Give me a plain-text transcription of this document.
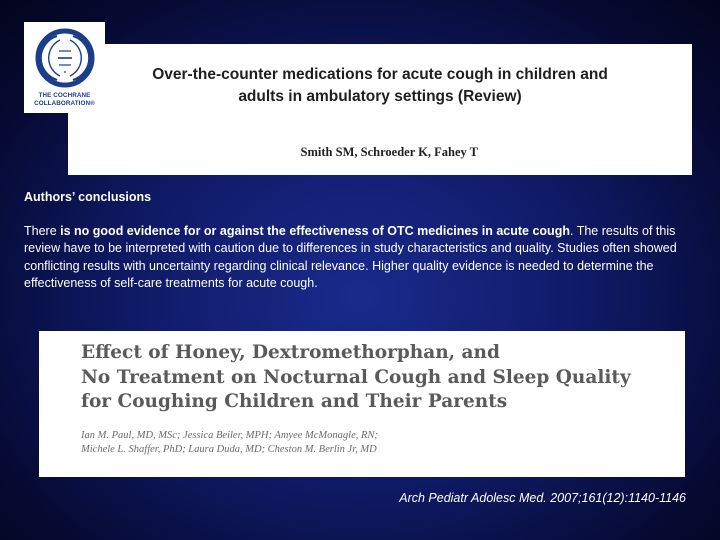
THE COCHRANE
COLLABORATION®
Over-the-counter medications for acute cough in children and
adults in ambulatory settings (Review)
Smith SM, Schroeder K, Fahey T
Authors’ conclusions
There is no good evidence for or against the effectiveness of OTC medicines in acute cough. The results of this review have to be interpreted with caution due to differences in study characteristics and quality. Studies often showed conflicting results with uncertainty regarding clinical relevance. Higher quality evidence is needed to determine the effectiveness of self-care treatments for acute cough.
Effect of Honey, Dextromethorphan, and
No Treatment on Nocturnal Cough and Sleep Quality
for Coughing Children and Their Parents
Ian M. Paul, MD, MSc; Jessica Beiler, MPH; Amyee McMonagle, RN;
Michele L. Shaffer, PhD; Laura Duda, MD; Cheston M. Berlin Jr, MD
Arch Pediatr Adolesc Med. 2007;161(12):1140-1146
